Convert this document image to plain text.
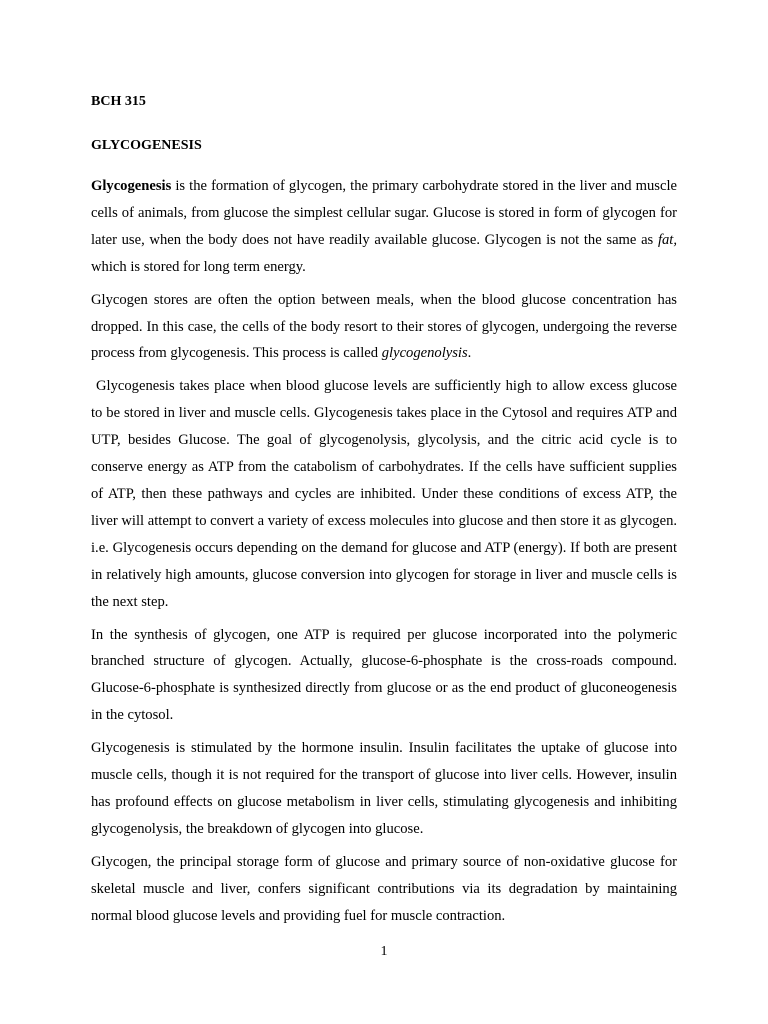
BCH 315

GLYCOGENESIS

Glycogenesis is the formation of glycogen, the primary carbohydrate stored in the liver and muscle cells of animals, from glucose the simplest cellular sugar. Glucose is stored in form of glycogen for later use, when the body does not have readily available glucose. Glycogen is not the same as fat, which is stored for long term energy.

Glycogen stores are often the option between meals, when the blood glucose concentration has dropped. In this case, the cells of the body resort to their stores of glycogen, undergoing the reverse process from glycogenesis. This process is called glycogenolysis.

Glycogenesis takes place when blood glucose levels are sufficiently high to allow excess glucose to be stored in liver and muscle cells. Glycogenesis takes place in the Cytosol and requires ATP and UTP, besides Glucose. The goal of glycogenolysis, glycolysis, and the citric acid cycle is to conserve energy as ATP from the catabolism of carbohydrates. If the cells have sufficient supplies of ATP, then these pathways and cycles are inhibited. Under these conditions of excess ATP, the liver will attempt to convert a variety of excess molecules into glucose and then store it as glycogen. i.e. Glycogenesis occurs depending on the demand for glucose and ATP (energy). If both are present in relatively high amounts, glucose conversion into glycogen for storage in liver and muscle cells is the next step.

In the synthesis of glycogen, one ATP is required per glucose incorporated into the polymeric branched structure of glycogen. Actually, glucose-6-phosphate is the cross-roads compound. Glucose-6-phosphate is synthesized directly from glucose or as the end product of gluconeogenesis in the cytosol.

Glycogenesis is stimulated by the hormone insulin. Insulin facilitates the uptake of glucose into muscle cells, though it is not required for the transport of glucose into liver cells. However, insulin has profound effects on glucose metabolism in liver cells, stimulating glycogenesis and inhibiting glycogenolysis, the breakdown of glycogen into glucose.

Glycogen, the principal storage form of glucose and primary source of non-oxidative glucose for skeletal muscle and liver, confers significant contributions via its degradation by maintaining normal blood glucose levels and providing fuel for muscle contraction.

1
